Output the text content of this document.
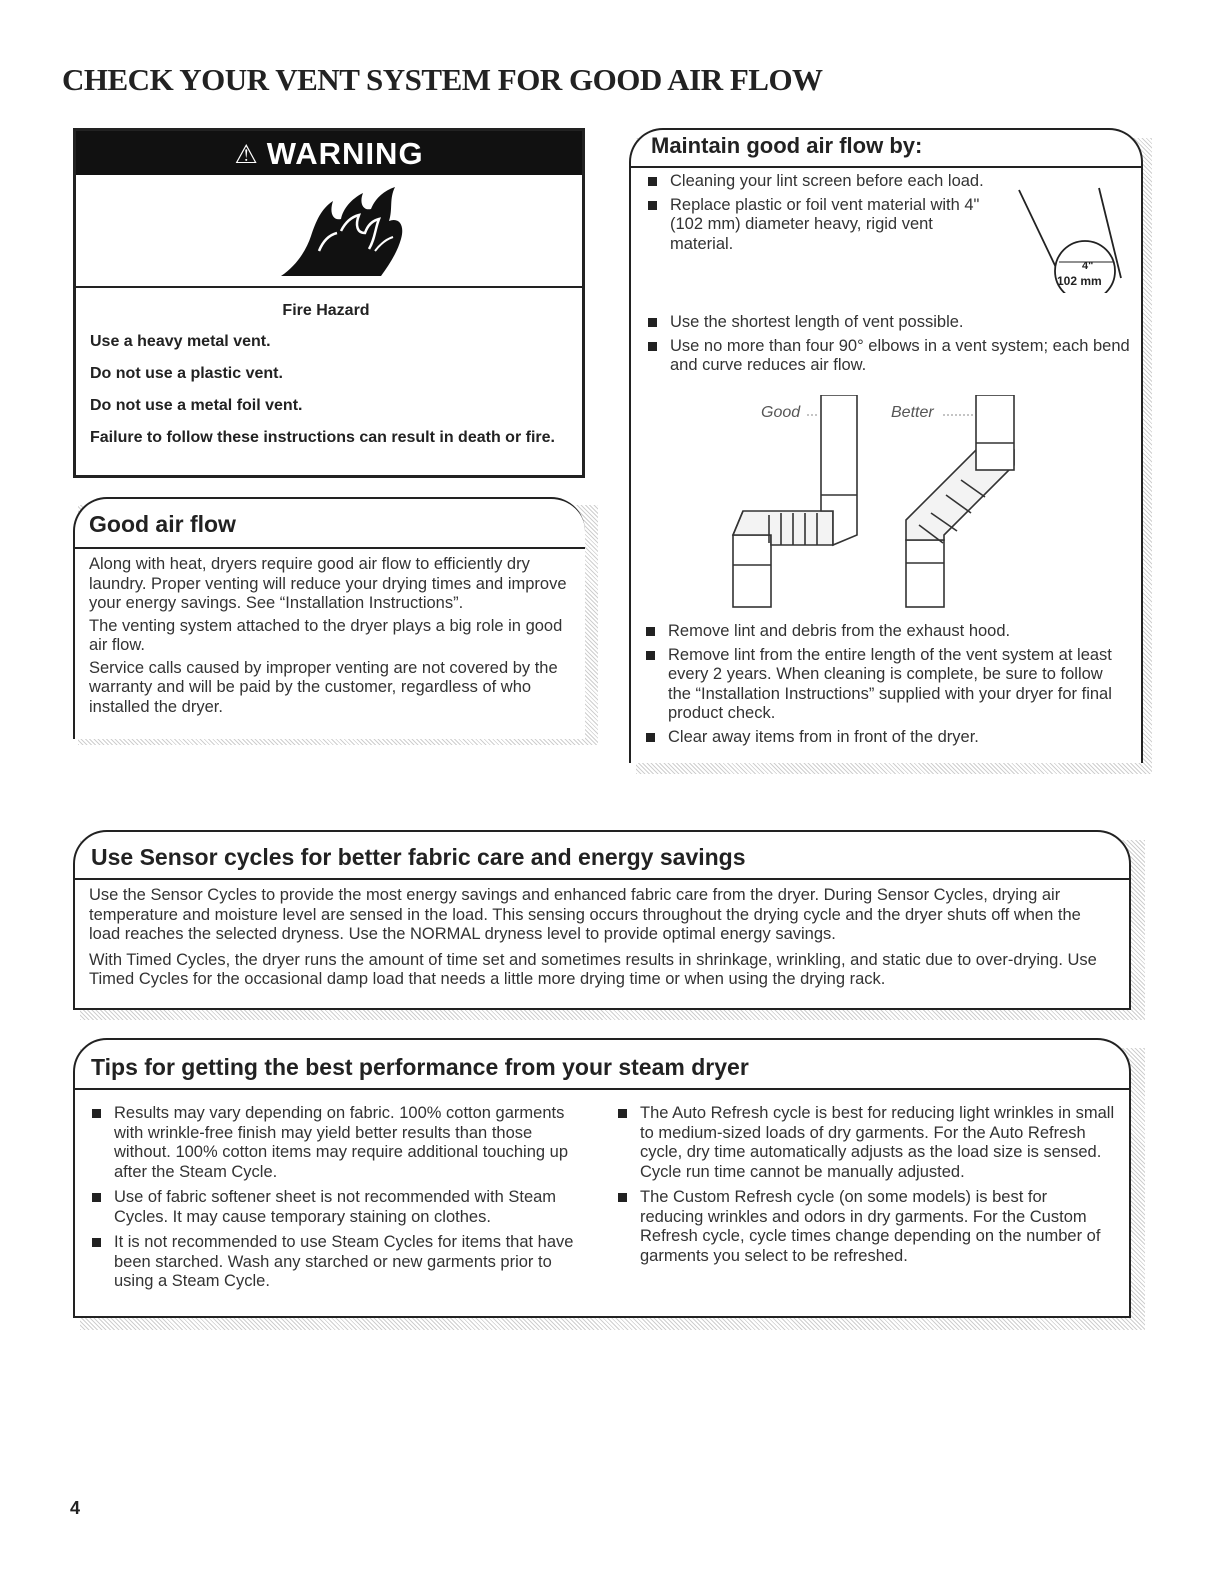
CHECK YOUR VENT SYSTEM FOR GOOD AIR FLOW
⚠ WARNING

Fire Hazard

Use a heavy metal vent.

Do not use a plastic vent.

Do not use a metal foil vent.

Failure to follow these instructions can result in death or fire.

Good air flow

Along with heat, dryers require good air flow to efficiently dry laundry. Proper venting will reduce your drying times and improve your energy savings. See “Installation Instructions”.

The venting system attached to the dryer plays a big role in good air flow.

Service calls caused by improper venting are not covered by the warranty and will be paid by the customer, regardless of who installed the dryer.

Maintain good air flow by:
Cleaning your lint screen before each load.
Replace plastic or foil vent material with 4" (102 mm) diameter heavy, rigid vent material.
4"
102 mm
Use the shortest length of vent possible.
Use no more than four 90° elbows in a vent system; each bend and curve reduces air flow.
Good	Better
Remove lint and debris from the exhaust hood.
Remove lint from the entire length of the vent system at least every 2 years. When cleaning is complete, be sure to follow the “Installation Instructions” supplied with your dryer for final product check.
Clear away items from in front of the dryer.
Use Sensor cycles for better fabric care and energy savings

Use the Sensor Cycles to provide the most energy savings and enhanced fabric care from the dryer. During Sensor Cycles, drying air temperature and moisture level are sensed in the load. This sensing occurs throughout the drying cycle and the dryer shuts off when the load reaches the selected dryness. Use the NORMAL dryness level to provide optimal energy savings.

With Timed Cycles, the dryer runs the amount of time set and sometimes results in shrinkage, wrinkling, and static due to over-drying. Use Timed Cycles for the occasional damp load that needs a little more drying time or when using the drying rack.

Tips for getting the best performance from your steam dryer
Results may vary depending on fabric. 100% cotton garments with wrinkle-free finish may yield better results than those without. 100% cotton items may require additional touching up after the Steam Cycle.
Use of fabric softener sheet is not recommended with Steam Cycles. It may cause temporary staining on clothes.
It is not recommended to use Steam Cycles for items that have been starched. Wash any starched or new garments prior to using a Steam Cycle.
The Auto Refresh cycle is best for reducing light wrinkles in small to medium-sized loads of dry garments. For the Auto Refresh cycle, dry time automatically adjusts as the load size is sensed. Cycle run time cannot be manually adjusted.
The Custom Refresh cycle (on some models) is best for reducing wrinkles and odors in dry garments. For the Custom Refresh cycle, cycle times change depending on the number of garments you select to be refreshed.
4
